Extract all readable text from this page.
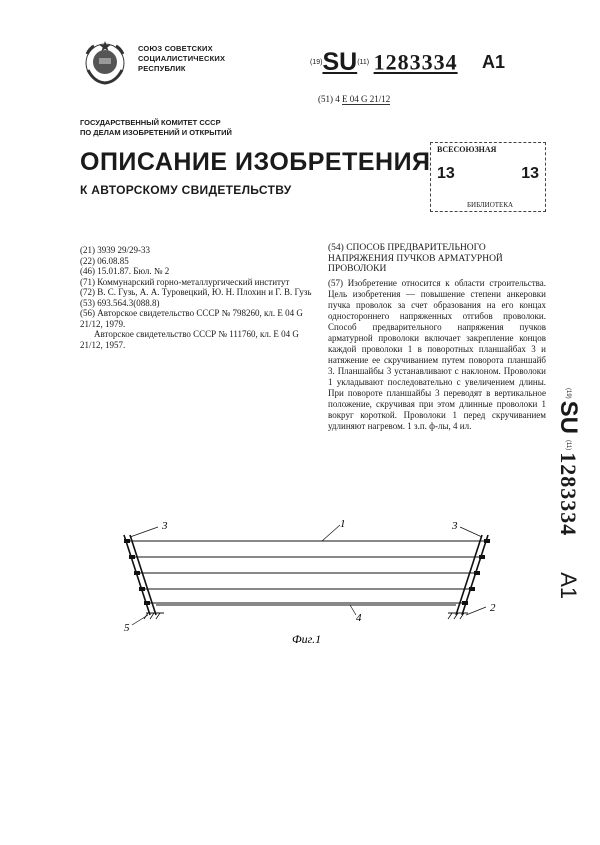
СОЮЗ СОВЕТСКИХ
СОЦИАЛИСТИЧЕСКИХ
РЕСПУБЛИК
(19)SU(11) 1283334 A1
(51) 4 E 04 G 21/12
ГОСУДАРСТВЕННЫЙ КОМИТЕТ СССР
ПО ДЕЛАМ ИЗОБРЕТЕНИЙ И ОТКРЫТИЙ
ОПИСАНИЕ ИЗОБРЕТЕНИЯ
К АВТОРСКОМУ СВИДЕТЕЛЬСТВУ
ВСЕСОЮЗНАЯ
13	13
БИБЛИОТЕКА

(21) 3939 29/29-33

(22) 06.08.85

(46) 15.01.87. Бюл. № 2

(71) Коммунарский горно-металлургический институт

(72) В. С. Гузь, А. А. Туровецкий, Ю. Н. Плохин и Г. В. Гузь

(53) 693.564.3(088.8)

(56) Авторское свидетельство СССР № 798260, кл. Е 04 G 21/12, 1979.

Авторское свидетельство СССР № 111760, кл. Е 04 G 21/12, 1957.

(54) СПОСОБ ПРЕДВАРИТЕЛЬНОГО НАПРЯЖЕНИЯ ПУЧКОВ АРМАТУРНОЙ ПРОВОЛОКИ

(57) Изобретение относится к области строительства. Цель изобретения — повышение степени анкеровки пучка проволок за счет образования на его концах одностороннего напряженных отгибов проволоки. Способ предварительного напряжения пучков арматурной проволоки включает закрепление концов каждой проволоки 1 в поворотных планшайбах 3 и натяжение ее скручиванием путем поворота планшайб 3. Планшайбы 3 устанавливают с наклоном. Проволоки 1 укладывают последовательно с увеличением длины. При повороте планшайбы 3 переводят в вертикальное положение, скручивая при этом длинные проволоки 1 вокруг короткой. Проволоки 1 перед скручиванием удлиняют нагревом. 1 з.п. ф-лы, 4 ил.

(19)
SU
(11)
1283334
A1
1
2
3	3
4
5
Фиг.1
